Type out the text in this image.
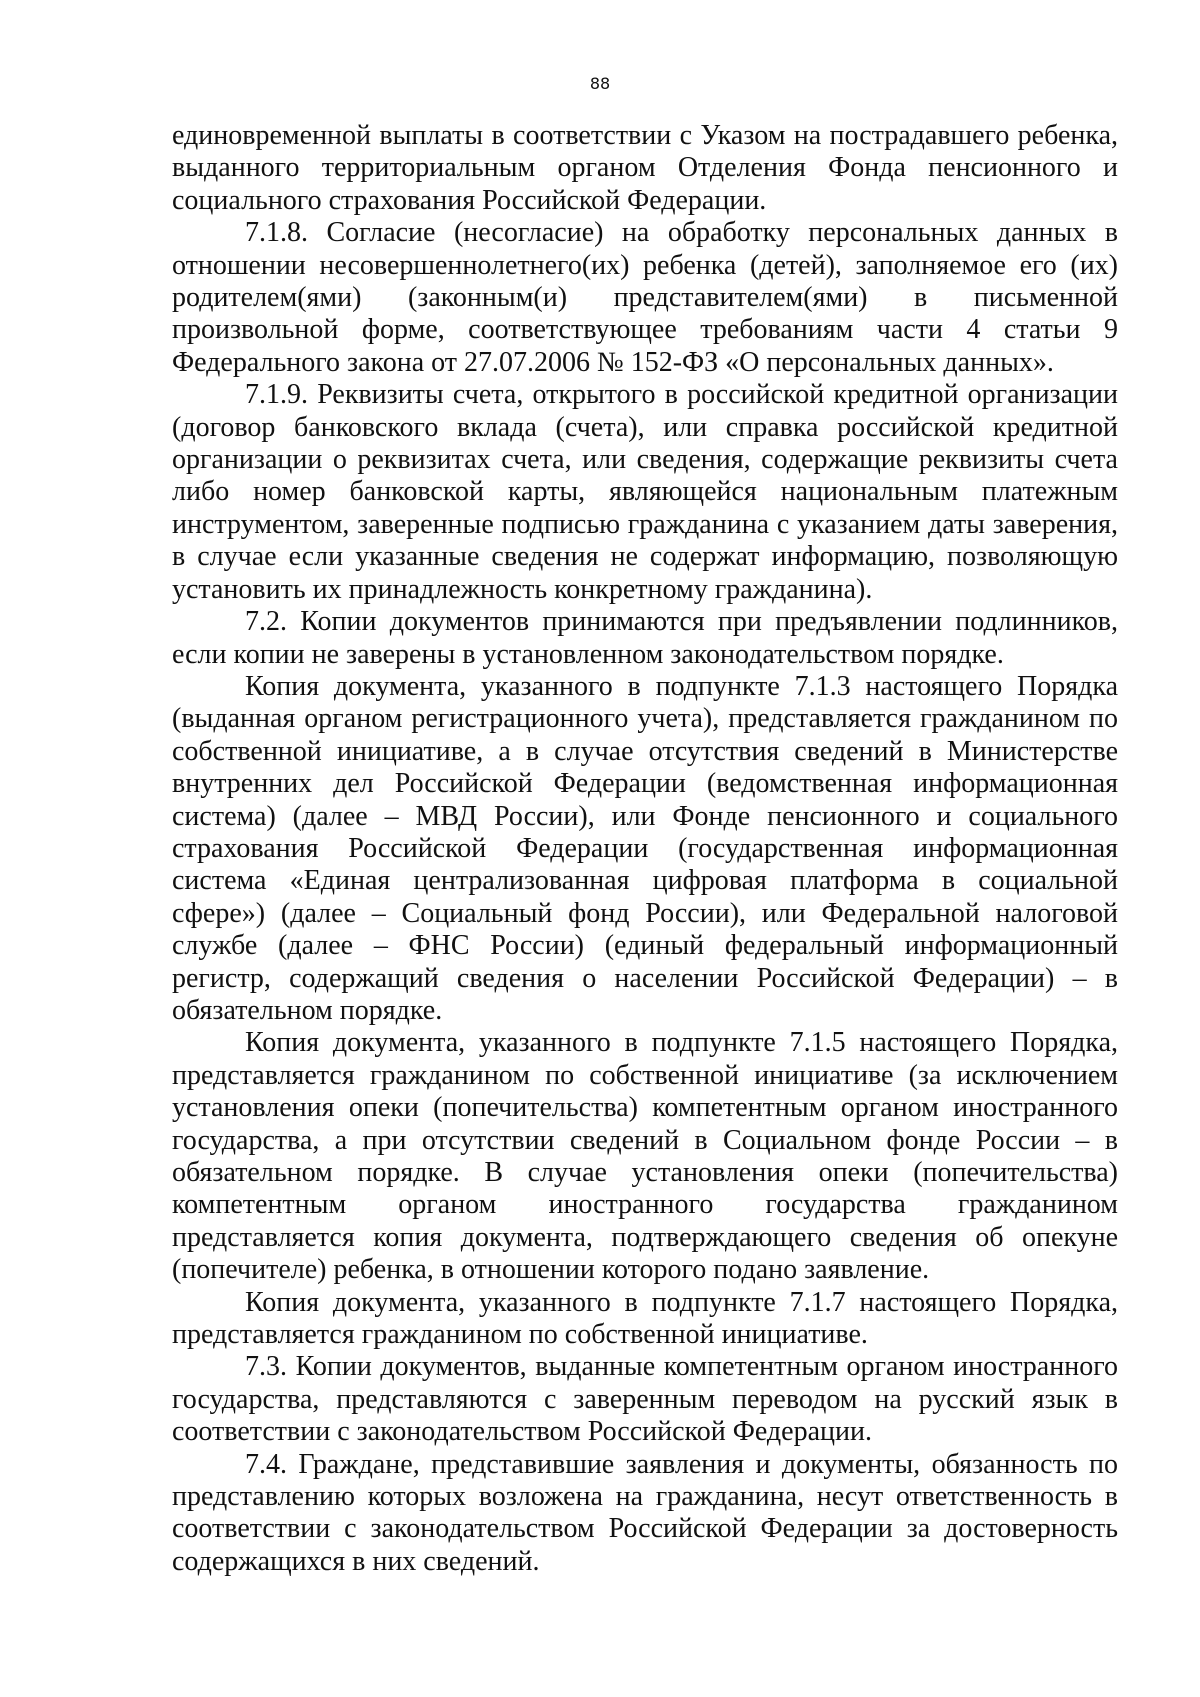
88

единовременной выплаты в соответствии с Указом на пострадавшего ребенка, выданного территориальным органом Отделения Фонда пенсионного и социального страхования Российской Федерации.

7.1.8. Согласие (несогласие) на обработку персональных данных в отношении несовершеннолетнего(их) ребенка (детей), заполняемое его (их) родителем(ями) (законным(и) представителем(ями) в письменной произвольной форме, соответствующее требованиям части 4 статьи 9 Федерального закона от 27.07.2006 № 152-ФЗ «О персональных данных».

7.1.9. Реквизиты счета, открытого в российской кредитной организации (договор банковского вклада (счета), или справка российской кредитной организации о реквизитах счета, или сведения, содержащие реквизиты счета либо номер банковской карты, являющейся национальным платежным инструментом, заверенные подписью гражданина с указанием даты заверения, в случае если указанные сведения не содержат информацию, позволяющую установить их принадлежность конкретному гражданина).

7.2. Копии документов принимаются при предъявлении подлинников, если копии не заверены в установленном законодательством порядке.

Копия документа, указанного в подпункте 7.1.3 настоящего Порядка (выданная органом регистрационного учета), представляется гражданином по собственной инициативе, а в случае отсутствия сведений в Министерстве внутренних дел Российской Федерации (ведомственная информационная система) (далее – МВД России), или Фонде пенсионного и социального страхования Российской Федерации (государственная информационная система «Единая централизованная цифровая платформа в социальной сфере») (далее – Социальный фонд России), или Федеральной налоговой службе (далее – ФНС России) (единый федеральный информационный регистр, содержащий сведения о населении Российской Федерации) – в обязательном порядке.

Копия документа, указанного в подпункте 7.1.5 настоящего Порядка, представляется гражданином по собственной инициативе (за исключением установления опеки (попечительства) компетентным органом иностранного государства, а при отсутствии сведений в Социальном фонде России – в обязательном порядке. В случае установления опеки (попечительства) компетентным органом иностранного государства гражданином представляется копия документа, подтверждающего сведения об опекуне (попечителе) ребенка, в отношении которого подано заявление.

Копия документа, указанного в подпункте 7.1.7 настоящего Порядка, представляется гражданином по собственной инициативе.

7.3. Копии документов, выданные компетентным органом иностранного государства, представляются с заверенным переводом на русский язык в соответствии с законодательством Российской Федерации.

7.4. Граждане, представившие заявления и документы, обязанность по представлению которых возложена на гражданина, несут ответственность в соответствии с законодательством Российской Федерации за достоверность содержащихся в них сведений.
